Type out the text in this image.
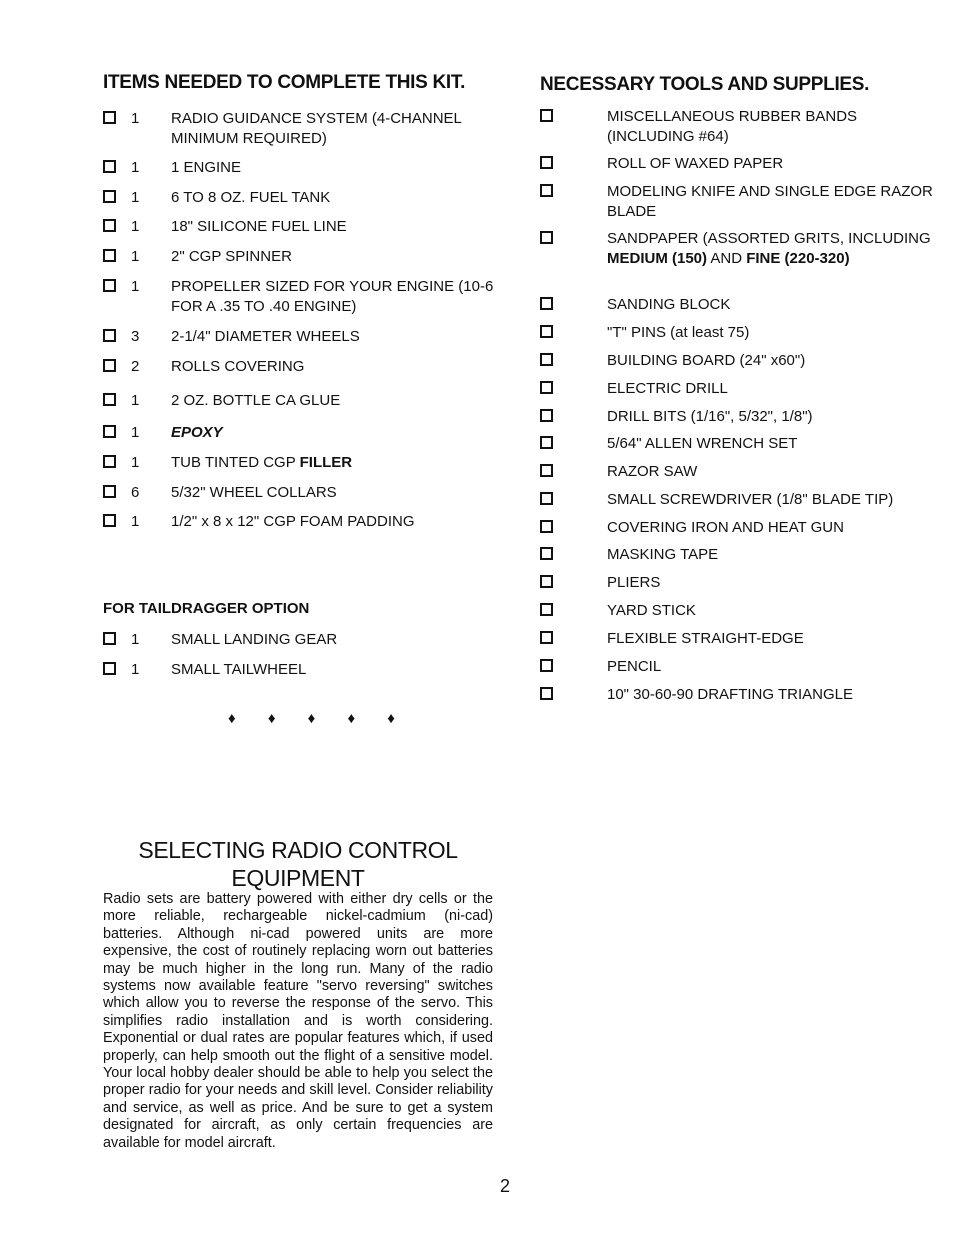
ITEMS NEEDED TO COMPLETE THIS KIT.
1 RADIO GUIDANCE SYSTEM (4-CHANNEL MINIMUM REQUIRED)
1 1 ENGINE
1 6 TO 8 OZ. FUEL TANK
1 18" SILICONE FUEL LINE
1 2" CGP SPINNER
1 PROPELLER SIZED FOR YOUR ENGINE (10-6 FOR A .35 TO .40 ENGINE)
3 2-1/4" DIAMETER WHEELS
2 ROLLS COVERING
1 2 OZ. BOTTLE CA GLUE
1 EPOXY
1 TUB TINTED CGP FILLER
6 5/32" WHEEL COLLARS
1 1/2" x 8 x 12" CGP FOAM PADDING
FOR TAILDRAGGER OPTION
1 SMALL LANDING GEAR
1 SMALL TAILWHEEL
♦ ♦ ♦ ♦ ♦
NECESSARY TOOLS AND SUPPLIES.
MISCELLANEOUS RUBBER BANDS (INCLUDING #64)
ROLL OF WAXED PAPER
MODELING KNIFE AND SINGLE EDGE RAZOR BLADE
SANDPAPER (ASSORTED GRITS, INCLUDING MEDIUM (150) AND FINE (220-320)
SANDING BLOCK
"T" PINS (at least 75)
BUILDING BOARD (24" x60")
ELECTRIC DRILL
DRILL BITS (1/16", 5/32", 1/8")
5/64" ALLEN WRENCH SET
RAZOR SAW
SMALL SCREWDRIVER (1/8" BLADE TIP)
COVERING IRON AND HEAT GUN
MASKING TAPE
PLIERS
YARD STICK
FLEXIBLE STRAIGHT-EDGE
PENCIL
10" 30-60-90 DRAFTING TRIANGLE
SELECTING RADIO CONTROL EQUIPMENT

Radio sets are battery powered with either dry cells or the more reliable, rechargeable nickel-cadmium (ni-cad) batteries. Although ni-cad powered units are more expensive, the cost of routinely replacing worn out batteries may be much higher in the long run. Many of the radio systems now available feature "servo reversing" switches which allow you to reverse the response of the servo. This simplifies radio installation and is worth considering. Exponential or dual rates are popular features which, if used properly, can help smooth out the flight of a sensitive model. Your local hobby dealer should be able to help you select the proper radio for your needs and skill level. Consider reliability and service, as well as price. And be sure to get a system designated for aircraft, as only certain frequencies are available for model aircraft.

2
